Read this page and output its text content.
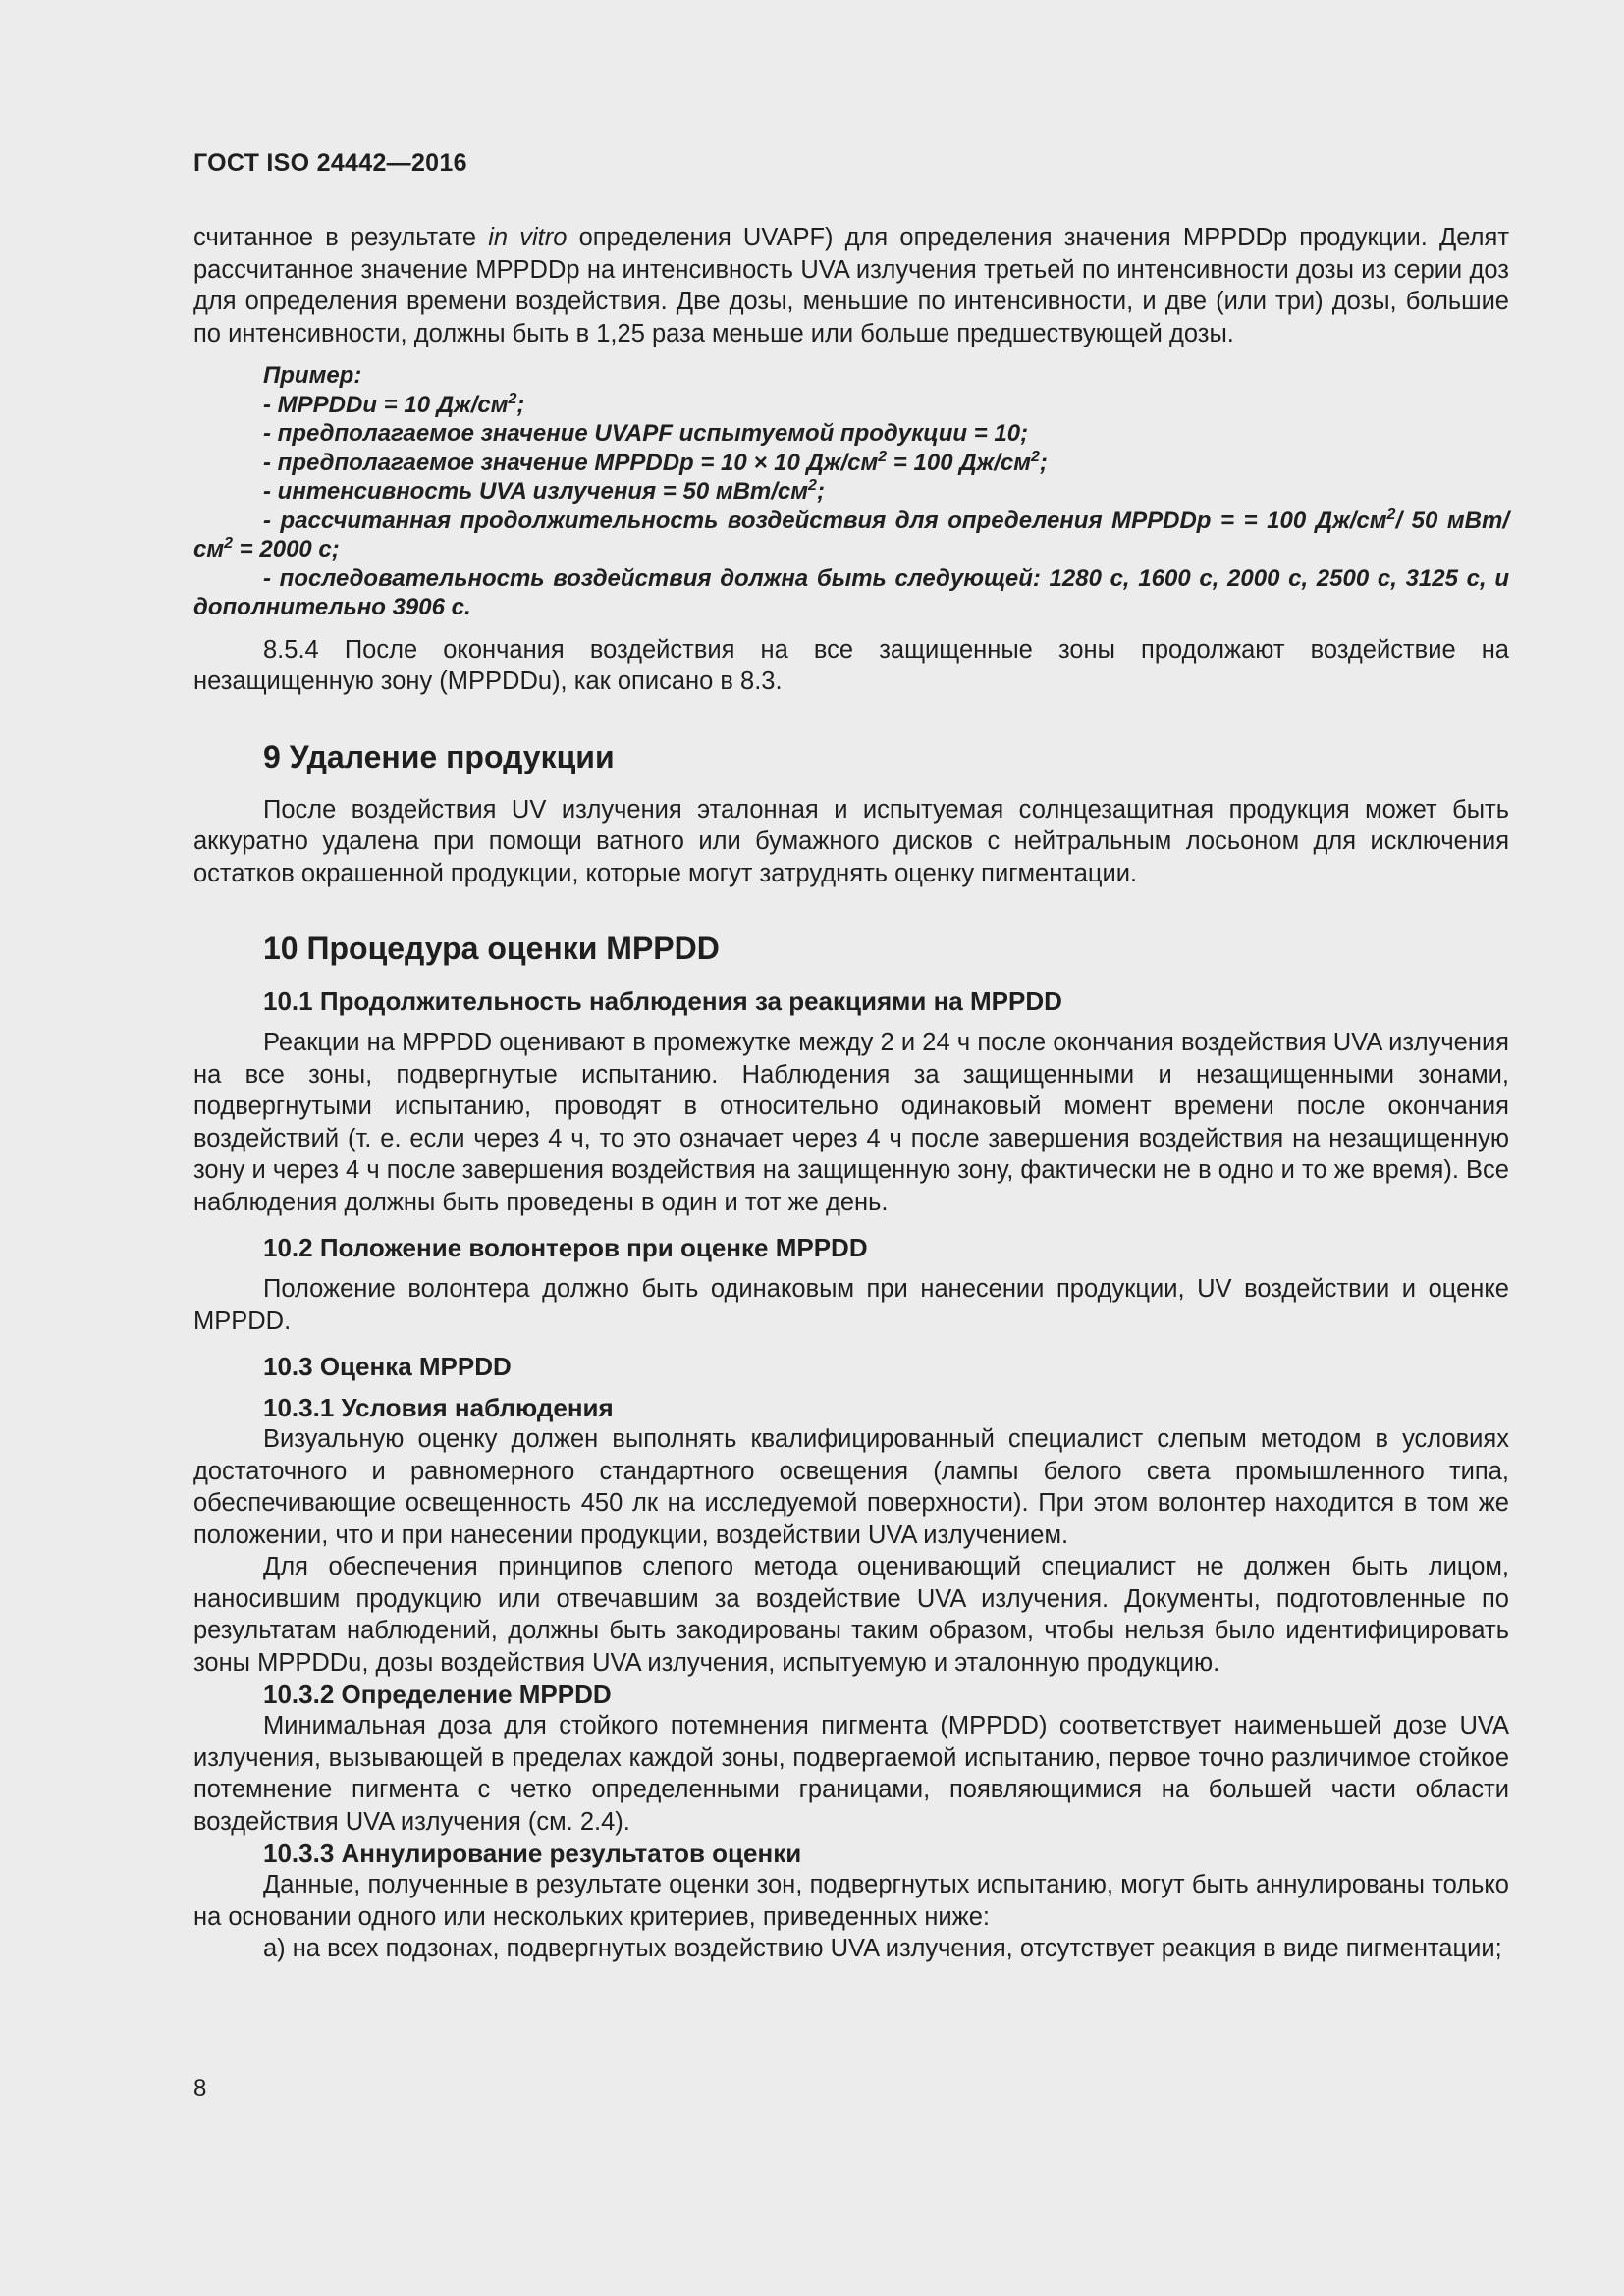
ГОСТ ISO 24442—2016

считанное в результате in vitro определения UVAPF) для определения значения MPPDDp продукции. Делят рассчитанное значение MPPDDp на интенсивность UVA излучения третьей по интенсивности дозы из серии доз для определения времени воздействия. Две дозы, меньшие по интенсивности, и две (или три) дозы, большие по интенсивности, должны быть в 1,25 раза меньше или больше предшествующей дозы.

Пример:

- MPPDDu = 10 $Дж/см^2$;

- предполагаемое значение UVAPF испытуемой продукции = 10;

- предполагаемое значение MPPDDp = 10 × 10 $Дж/см^2 = 100$ $Дж/см^2$;

- интенсивность UVA излучения = 50 мВт/$см^2$;

- рассчитанная продолжительность воздействия для определения MPPDDp = = 100 $Дж/см^2/$ 50 мВт/$см^2 = 2000$ с;

- последовательность воздействия должна быть следующей: 1280 с, 1600 с, 2000 с, 2500 с, 3125 с, и дополнительно 3906 с.

8.5.4 После окончания воздействия на все защищенные зоны продолжают воздействие на незащищенную зону (MPPDDu), как описано в 8.3.

9 Удаление продукции

После воздействия UV излучения эталонная и испытуемая солнцезащитная продукция может быть аккуратно удалена при помощи ватного или бумажного дисков с нейтральным лосьоном для исключения остатков окрашенной продукции, которые могут затруднять оценку пигментации.

10 Процедура оценки MPPDD
10.1 Продолжительность наблюдения за реакциями на MPPDD

Реакции на MPPDD оценивают в промежутке между 2 и 24 ч после окончания воздействия UVA излучения на все зоны, подвергнутые испытанию. Наблюдения за защищенными и незащищенными зонами, подвергнутыми испытанию, проводят в относительно одинаковый момент времени после окончания воздействий (т. е. если через 4 ч, то это означает через 4 ч после завершения воздействия на незащищенную зону и через 4 ч после завершения воздействия на защищенную зону, фактически не в одно и то же время). Все наблюдения должны быть проведены в один и тот же день.

10.2 Положение волонтеров при оценке MPPDD

Положение волонтера должно быть одинаковым при нанесении продукции, UV воздействии и оценке MPPDD.

10.3 Оценка MPPDD
10.3.1 Условия наблюдения

Визуальную оценку должен выполнять квалифицированный специалист слепым методом в условиях достаточного и равномерного стандартного освещения (лампы белого света промышленного типа, обеспечивающие освещенность 450 лк на исследуемой поверхности). При этом волонтер находится в том же положении, что и при нанесении продукции, воздействии UVA излучением.

Для обеспечения принципов слепого метода оценивающий специалист не должен быть лицом, наносившим продукцию или отвечавшим за воздействие UVA излучения. Документы, подготовленные по результатам наблюдений, должны быть закодированы таким образом, чтобы нельзя было идентифицировать зоны MPPDDu, дозы воздействия UVA излучения, испытуемую и эталонную продукцию.

10.3.2 Определение MPPDD

Минимальная доза для стойкого потемнения пигмента (MPPDD) соответствует наименьшей дозе UVA излучения, вызывающей в пределах каждой зоны, подвергаемой испытанию, первое точно различимое стойкое потемнение пигмента с четко определенными границами, появляющимися на большей части области воздействия UVA излучения (см. 2.4).

10.3.3 Аннулирование результатов оценки

Данные, полученные в результате оценки зон, подвергнутых испытанию, могут быть аннулированы только на основании одного или нескольких критериев, приведенных ниже:

а) на всех подзонах, подвергнутых воздействию UVA излучения, отсутствует реакция в виде пигментации;

8
